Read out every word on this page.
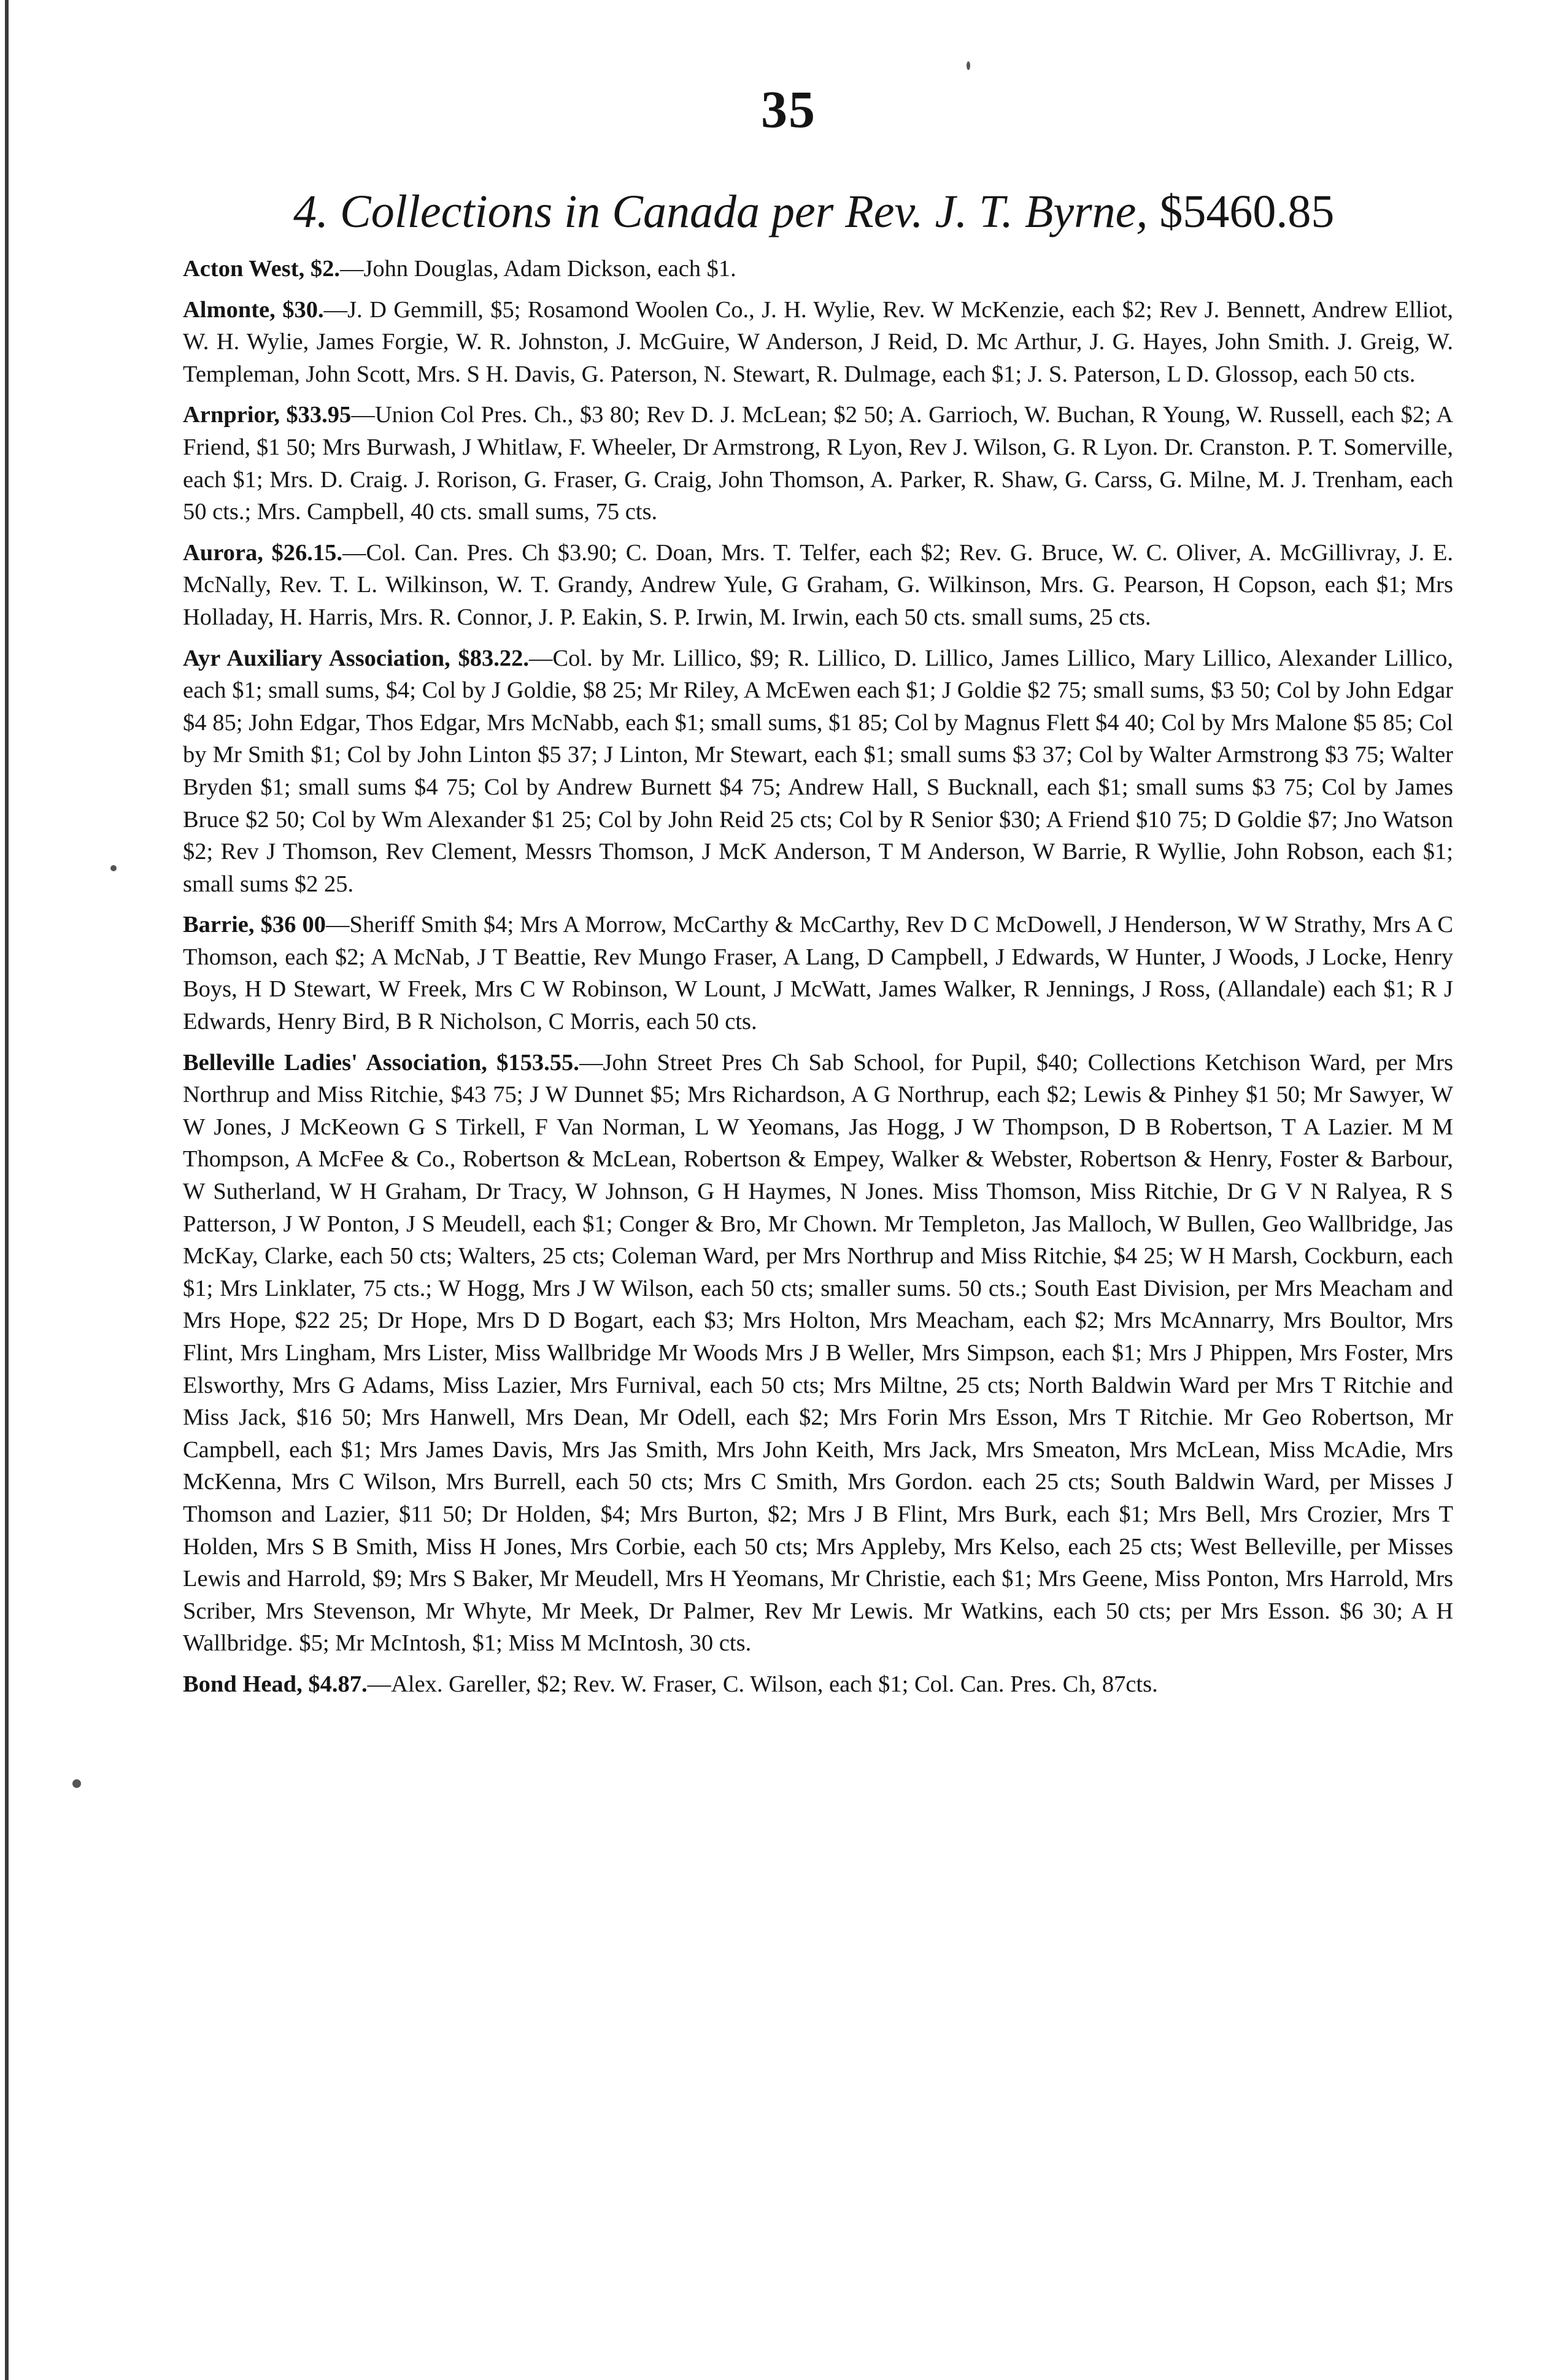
35
4. Collections in Canada per Rev. J. T. Byrne, $5460.85

Acton West, $2.—John Douglas, Adam Dickson, each $1.

Almonte, $30.—J. D Gemmill, $5; Rosamond Woolen Co., J. H. Wylie, Rev. W McKenzie, each $2; Rev J. Bennett, Andrew Elliot, W. H. Wylie, James Forgie, W. R. Johnston, J. McGuire, W Anderson, J Reid, D. Mc Arthur, J. G. Hayes, John Smith. J. Greig, W. Templeman, John Scott, Mrs. S H. Davis, G. Paterson, N. Stewart, R. Dulmage, each $1; J. S. Paterson, L D. Glossop, each 50 cts.

Arnprior, $33.95—Union Col Pres. Ch., $3 80; Rev D. J. McLean; $2 50; A. Garrioch, W. Buchan, R Young, W. Russell, each $2; A Friend, $1 50; Mrs Burwash, J Whitlaw, F. Wheeler, Dr Armstrong, R Lyon, Rev J. Wilson, G. R Lyon. Dr. Cranston. P. T. Somerville, each $1; Mrs. D. Craig. J. Rorison, G. Fraser, G. Craig, John Thomson, A. Parker, R. Shaw, G. Carss, G. Milne, M. J. Trenham, each 50 cts.; Mrs. Campbell, 40 cts. small sums, 75 cts.

Aurora, $26.15.—Col. Can. Pres. Ch $3.90; C. Doan, Mrs. T. Telfer, each $2; Rev. G. Bruce, W. C. Oliver, A. McGillivray, J. E. McNally, Rev. T. L. Wilkinson, W. T. Grandy, Andrew Yule, G Graham, G. Wilkinson, Mrs. G. Pearson, H Copson, each $1; Mrs Holladay, H. Harris, Mrs. R. Connor, J. P. Eakin, S. P. Irwin, M. Irwin, each 50 cts. small sums, 25 cts.

Ayr Auxiliary Association, $83.22.—Col. by Mr. Lillico, $9; R. Lillico, D. Lillico, James Lillico, Mary Lillico, Alexander Lillico, each $1; small sums, $4; Col by J Goldie, $8 25; Mr Riley, A McEwen each $1; J Goldie $2 75; small sums, $3 50; Col by John Edgar $4 85; John Edgar, Thos Edgar, Mrs McNabb, each $1; small sums, $1 85; Col by Magnus Flett $4 40; Col by Mrs Malone $5 85; Col by Mr Smith $1; Col by John Linton $5 37; J Linton, Mr Stewart, each $1; small sums $3 37; Col by Walter Armstrong $3 75; Walter Bryden $1; small sums $4 75; Col by Andrew Burnett $4 75; Andrew Hall, S Bucknall, each $1; small sums $3 75; Col by James Bruce $2 50; Col by Wm Alexander $1 25; Col by John Reid 25 cts; Col by R Senior $30; A Friend $10 75; D Goldie $7; Jno Watson $2; Rev J Thomson, Rev Clement, Messrs Thomson, J McK Anderson, T M Anderson, W Barrie, R Wyllie, John Robson, each $1; small sums $2 25.

Barrie, $36 00—Sheriff Smith $4; Mrs A Morrow, McCarthy & McCarthy, Rev D C McDowell, J Henderson, W W Strathy, Mrs A C Thomson, each $2; A McNab, J T Beattie, Rev Mungo Fraser, A Lang, D Campbell, J Edwards, W Hunter, J Woods, J Locke, Henry Boys, H D Stewart, W Freek, Mrs C W Robinson, W Lount, J McWatt, James Walker, R Jennings, J Ross, (Allandale) each $1; R J Edwards, Henry Bird, B R Nicholson, C Morris, each 50 cts.

Belleville Ladies' Association, $153.55.—John Street Pres Ch Sab School, for Pupil, $40; Collections Ketchison Ward, per Mrs Northrup and Miss Ritchie, $43 75; J W Dunnet $5; Mrs Richardson, A G Northrup, each $2; Lewis & Pinhey $1 50; Mr Sawyer, W W Jones, J McKeown G S Tirkell, F Van Norman, L W Yeomans, Jas Hogg, J W Thompson, D B Robertson, T A Lazier. M M Thompson, A McFee & Co., Robertson & McLean, Robertson & Empey, Walker & Webster, Robertson & Henry, Foster & Barbour, W Sutherland, W H Graham, Dr Tracy, W Johnson, G H Haymes, N Jones. Miss Thomson, Miss Ritchie, Dr G V N Ralyea, R S Patterson, J W Ponton, J S Meudell, each $1; Conger & Bro, Mr Chown. Mr Templeton, Jas Malloch, W Bullen, Geo Wallbridge, Jas McKay, Clarke, each 50 cts; Walters, 25 cts; Coleman Ward, per Mrs Northrup and Miss Ritchie, $4 25; W H Marsh, Cockburn, each $1; Mrs Linklater, 75 cts.; W Hogg, Mrs J W Wilson, each 50 cts; smaller sums. 50 cts.; South East Division, per Mrs Meacham and Mrs Hope, $22 25; Dr Hope, Mrs D D Bogart, each $3; Mrs Holton, Mrs Meacham, each $2; Mrs McAnnarry, Mrs Boultor, Mrs Flint, Mrs Lingham, Mrs Lister, Miss Wallbridge Mr Woods Mrs J B Weller, Mrs Simpson, each $1; Mrs J Phippen, Mrs Foster, Mrs Elsworthy, Mrs G Adams, Miss Lazier, Mrs Furnival, each 50 cts; Mrs Miltne, 25 cts; North Baldwin Ward per Mrs T Ritchie and Miss Jack, $16 50; Mrs Hanwell, Mrs Dean, Mr Odell, each $2; Mrs Forin Mrs Esson, Mrs T Ritchie. Mr Geo Robertson, Mr Campbell, each $1; Mrs James Davis, Mrs Jas Smith, Mrs John Keith, Mrs Jack, Mrs Smeaton, Mrs McLean, Miss McAdie, Mrs McKenna, Mrs C Wilson, Mrs Burrell, each 50 cts; Mrs C Smith, Mrs Gordon. each 25 cts; South Baldwin Ward, per Misses J Thomson and Lazier, $11 50; Dr Holden, $4; Mrs Burton, $2; Mrs J B Flint, Mrs Burk, each $1; Mrs Bell, Mrs Crozier, Mrs T Holden, Mrs S B Smith, Miss H Jones, Mrs Corbie, each 50 cts; Mrs Appleby, Mrs Kelso, each 25 cts; West Belleville, per Misses Lewis and Harrold, $9; Mrs S Baker, Mr Meudell, Mrs H Yeomans, Mr Christie, each $1; Mrs Geene, Miss Ponton, Mrs Harrold, Mrs Scriber, Mrs Stevenson, Mr Whyte, Mr Meek, Dr Palmer, Rev Mr Lewis. Mr Watkins, each 50 cts; per Mrs Esson. $6 30; A H Wallbridge. $5; Mr McIntosh, $1; Miss M McIntosh, 30 cts.

Bond Head, $4.87.—Alex. Gareller, $2; Rev. W. Fraser, C. Wilson, each $1; Col. Can. Pres. Ch, 87cts.
